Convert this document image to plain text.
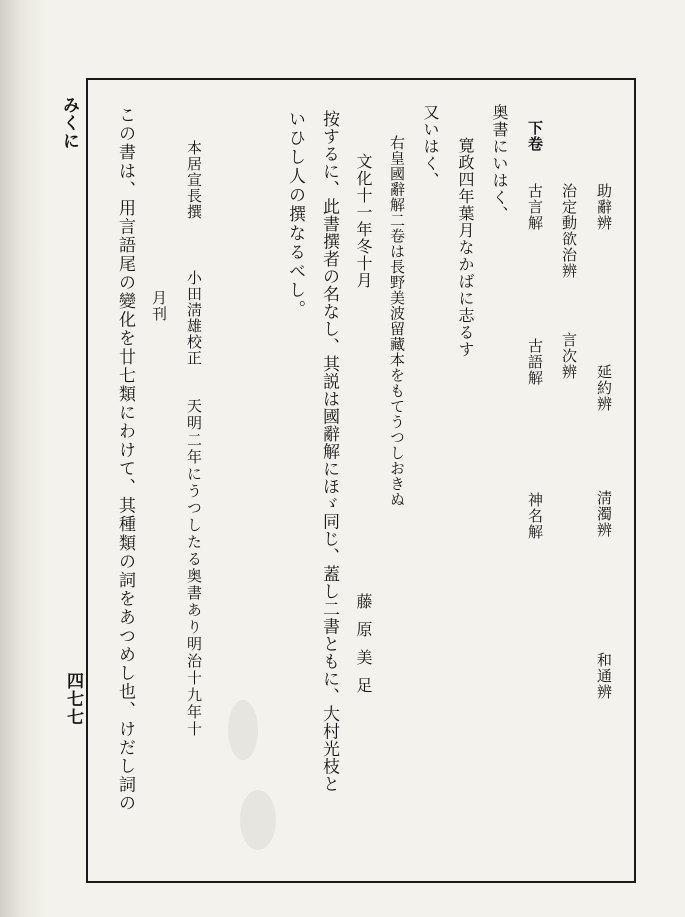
みくに
四七七
助辭辨
延約辨
淸濁辨
和通辨
治定動欲治辨
言次辨
下卷
古言解
古語解
神名解
奥書にいはく、
寛政四年葉月なかばに志るす
又いはく、
右皇國辭解二卷は長野美波留藏本をもてうつしおきぬ
文化十一年冬十月
藤原美足
按するに、此書撰者の名なし、其説は國辭解にほゞ同じ、蓋し二書ともに、大村光枝と
いひし人の撰なるべし。
本居宣長撰
小田淸雄校正
天明二年にうつしたる奥書あり明治十九年十
月刊
この書は、用言語尾の變化を廿七類にわけて、其種類の詞をあつめし也、けだし詞の
